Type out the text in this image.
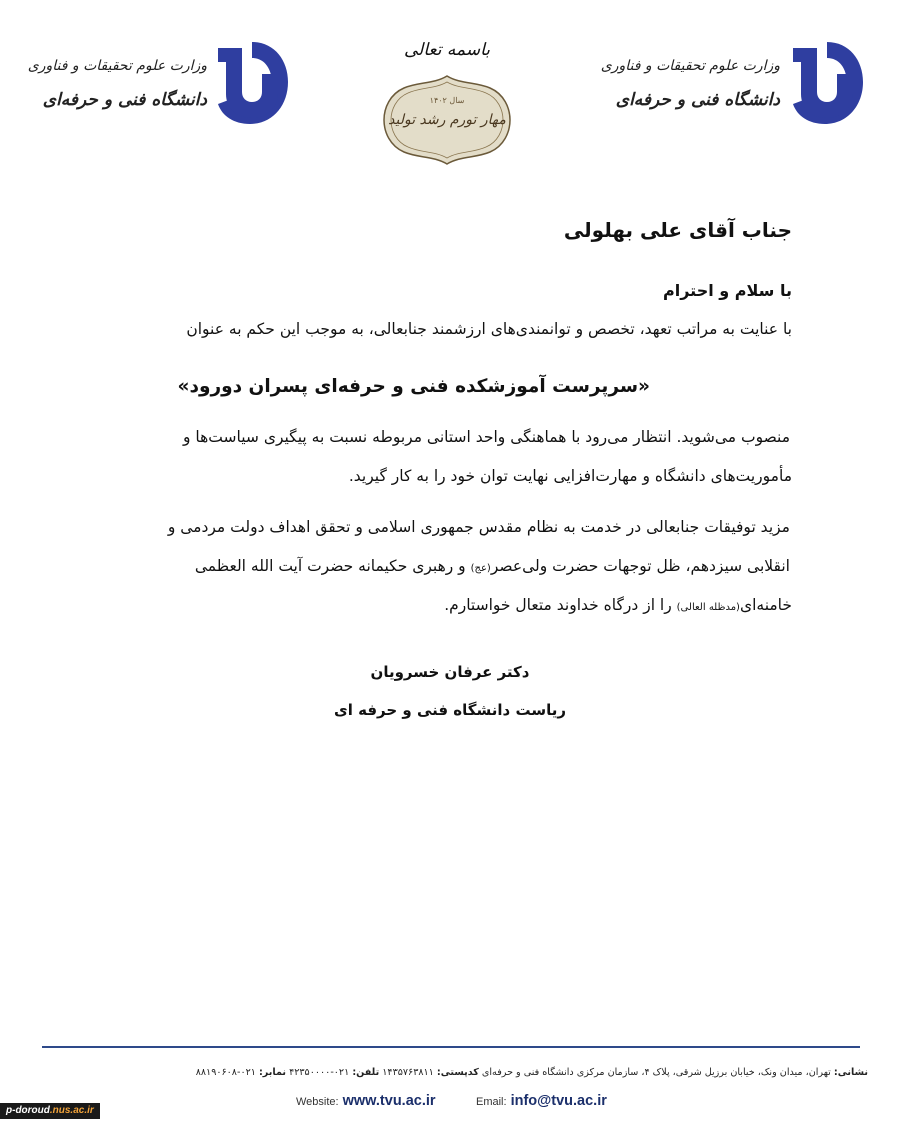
وزارت علوم تحقیقات و فناوری
دانشگاه فنی و حرفه‌ای
باسمه تعالی
سال ۱۴۰۲
مهار تورم رشد تولید
وزارت علوم تحقیقات و فناوری
دانشگاه فنی و حرفه‌ای
جناب آقای علی بهلولی
با سلام و احترام
با عنایت به مراتب تعهد، تخصص و توانمندی‌های ارزشمند جنابعالی، به موجب این حکم به عنوان
«سرپرست آموزشکده فنی و حرفه‌ای پسران دورود»
منصوب می‌شوید. انتظار می‌رود با هماهنگی واحد استانی مربوطه نسبت به پیگیری سیاست‌ها و
مأموریت‌های دانشگاه و مهارت‌افزایی نهایت توان خود را به کار گیرید.
مزید توفیقات جنابعالی در خدمت به نظام مقدس جمهوری اسلامی و تحقق اهداف دولت مردمی و
انقلابی سیزدهم، ظل توجهات حضرت ولی‌عصر(عج) و رهبری حکیمانه حضرت آیت الله العظمی
خامنه‌ای(مدظله العالی) را از درگاه خداوند متعال خواستارم.
دکتر عرفان خسرویان
ریاست دانشگاه فنی و حرفه ای
نشانی: تهران، میدان ونک، خیابان برزیل شرقی، پلاک ۴، سازمان مرکزی دانشگاه فنی و حرفه‌ای کدپستی: ۱۴۳۵۷۶۳۸۱۱ تلفن: ۰۲۱-۴۲۳۵۰۰۰۰ نمابر: ۰۲۱-۸۸۱۹۰۶۰۸
Website: www.tvu.ac.ir	Email: info@tvu.ac.ir
p-doroud.nus.ac.ir
